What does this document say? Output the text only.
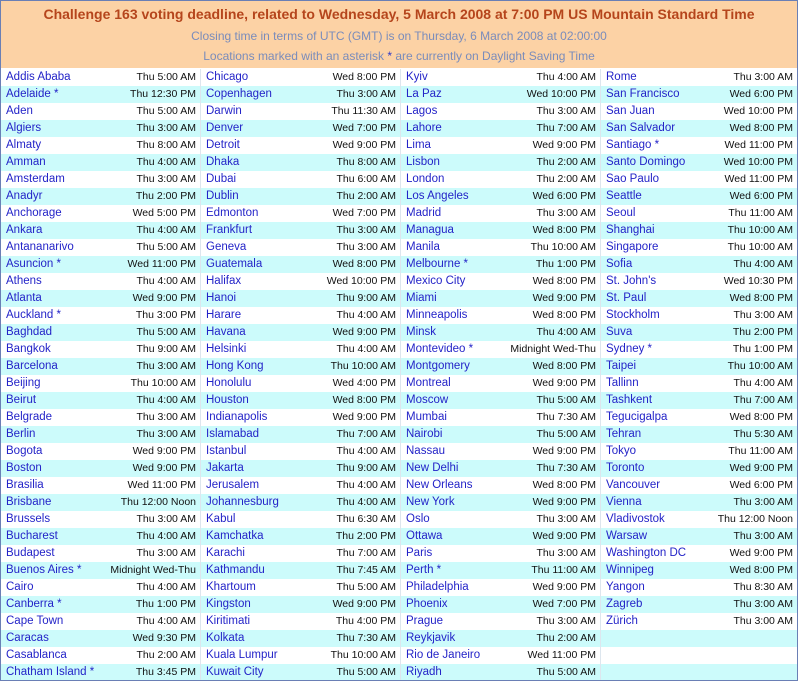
Challenge 163 voting deadline, related to Wednesday, 5 March 2008 at 7:00 PM US Mountain Standard Time
Closing time in terms of UTC (GMT) is on Thursday, 6 March 2008 at 02:00:00
Locations marked with an asterisk * are currently on Daylight Saving Time
Addis Ababa	Thu 5:00 AM
Adelaide *	Thu 12:30 PM
Aden	Thu 5:00 AM
Algiers	Thu 3:00 AM
Almaty	Thu 8:00 AM
Amman	Thu 4:00 AM
Amsterdam	Thu 3:00 AM
Anadyr	Thu 2:00 PM
Anchorage	Wed 5:00 PM
Ankara	Thu 4:00 AM
Antananarivo	Thu 5:00 AM
Asuncion *	Wed 11:00 PM
Athens	Thu 4:00 AM
Atlanta	Wed 9:00 PM
Auckland *	Thu 3:00 PM
Baghdad	Thu 5:00 AM
Bangkok	Thu 9:00 AM
Barcelona	Thu 3:00 AM
Beijing	Thu 10:00 AM
Beirut	Thu 4:00 AM
Belgrade	Thu 3:00 AM
Berlin	Thu 3:00 AM
Bogota	Wed 9:00 PM
Boston	Wed 9:00 PM
Brasilia	Wed 11:00 PM
Brisbane	Thu 12:00 Noon
Brussels	Thu 3:00 AM
Bucharest	Thu 4:00 AM
Budapest	Thu 3:00 AM
Buenos Aires *	Midnight Wed-Thu
Cairo	Thu 4:00 AM
Canberra *	Thu 1:00 PM
Cape Town	Thu 4:00 AM
Caracas	Wed 9:30 PM
Casablanca	Thu 2:00 AM
Chatham Island *	Thu 3:45 PM
Chicago	Wed 8:00 PM
Copenhagen	Thu 3:00 AM
Darwin	Thu 11:30 AM
Denver	Wed 7:00 PM
Detroit	Wed 9:00 PM
Dhaka	Thu 8:00 AM
Dubai	Thu 6:00 AM
Dublin	Thu 2:00 AM
Edmonton	Wed 7:00 PM
Frankfurt	Thu 3:00 AM
Geneva	Thu 3:00 AM
Guatemala	Wed 8:00 PM
Halifax	Wed 10:00 PM
Hanoi	Thu 9:00 AM
Harare	Thu 4:00 AM
Havana	Wed 9:00 PM
Helsinki	Thu 4:00 AM
Hong Kong	Thu 10:00 AM
Honolulu	Wed 4:00 PM
Houston	Wed 8:00 PM
Indianapolis	Wed 9:00 PM
Islamabad	Thu 7:00 AM
Istanbul	Thu 4:00 AM
Jakarta	Thu 9:00 AM
Jerusalem	Thu 4:00 AM
Johannesburg	Thu 4:00 AM
Kabul	Thu 6:30 AM
Kamchatka	Thu 2:00 PM
Karachi	Thu 7:00 AM
Kathmandu	Thu 7:45 AM
Khartoum	Thu 5:00 AM
Kingston	Wed 9:00 PM
Kiritimati	Thu 4:00 PM
Kolkata	Thu 7:30 AM
Kuala Lumpur	Thu 10:00 AM
Kuwait City	Thu 5:00 AM
Kyiv	Thu 4:00 AM
La Paz	Wed 10:00 PM
Lagos	Thu 3:00 AM
Lahore	Thu 7:00 AM
Lima	Wed 9:00 PM
Lisbon	Thu 2:00 AM
London	Thu 2:00 AM
Los Angeles	Wed 6:00 PM
Madrid	Thu 3:00 AM
Managua	Wed 8:00 PM
Manila	Thu 10:00 AM
Melbourne *	Thu 1:00 PM
Mexico City	Wed 8:00 PM
Miami	Wed 9:00 PM
Minneapolis	Wed 8:00 PM
Minsk	Thu 4:00 AM
Montevideo *	Midnight Wed-Thu
Montgomery	Wed 8:00 PM
Montreal	Wed 9:00 PM
Moscow	Thu 5:00 AM
Mumbai	Thu 7:30 AM
Nairobi	Thu 5:00 AM
Nassau	Wed 9:00 PM
New Delhi	Thu 7:30 AM
New Orleans	Wed 8:00 PM
New York	Wed 9:00 PM
Oslo	Thu 3:00 AM
Ottawa	Wed 9:00 PM
Paris	Thu 3:00 AM
Perth *	Thu 11:00 AM
Philadelphia	Wed 9:00 PM
Phoenix	Wed 7:00 PM
Prague	Thu 3:00 AM
Reykjavik	Thu 2:00 AM
Rio de Janeiro	Wed 11:00 PM
Riyadh	Thu 5:00 AM
Rome	Thu 3:00 AM
San Francisco	Wed 6:00 PM
San Juan	Wed 10:00 PM
San Salvador	Wed 8:00 PM
Santiago *	Wed 11:00 PM
Santo Domingo	Wed 10:00 PM
Sao Paulo	Wed 11:00 PM
Seattle	Wed 6:00 PM
Seoul	Thu 11:00 AM
Shanghai	Thu 10:00 AM
Singapore	Thu 10:00 AM
Sofia	Thu 4:00 AM
St. John's	Wed 10:30 PM
St. Paul	Wed 8:00 PM
Stockholm	Thu 3:00 AM
Suva	Thu 2:00 PM
Sydney *	Thu 1:00 PM
Taipei	Thu 10:00 AM
Tallinn	Thu 4:00 AM
Tashkent	Thu 7:00 AM
Tegucigalpa	Wed 8:00 PM
Tehran	Thu 5:30 AM
Tokyo	Thu 11:00 AM
Toronto	Wed 9:00 PM
Vancouver	Wed 6:00 PM
Vienna	Thu 3:00 AM
Vladivostok	Thu 12:00 Noon
Warsaw	Thu 3:00 AM
Washington DC	Wed 9:00 PM
Winnipeg	Wed 8:00 PM
Yangon	Thu 8:30 AM
Zagreb	Thu 3:00 AM
Zürich	Thu 3:00 AM
